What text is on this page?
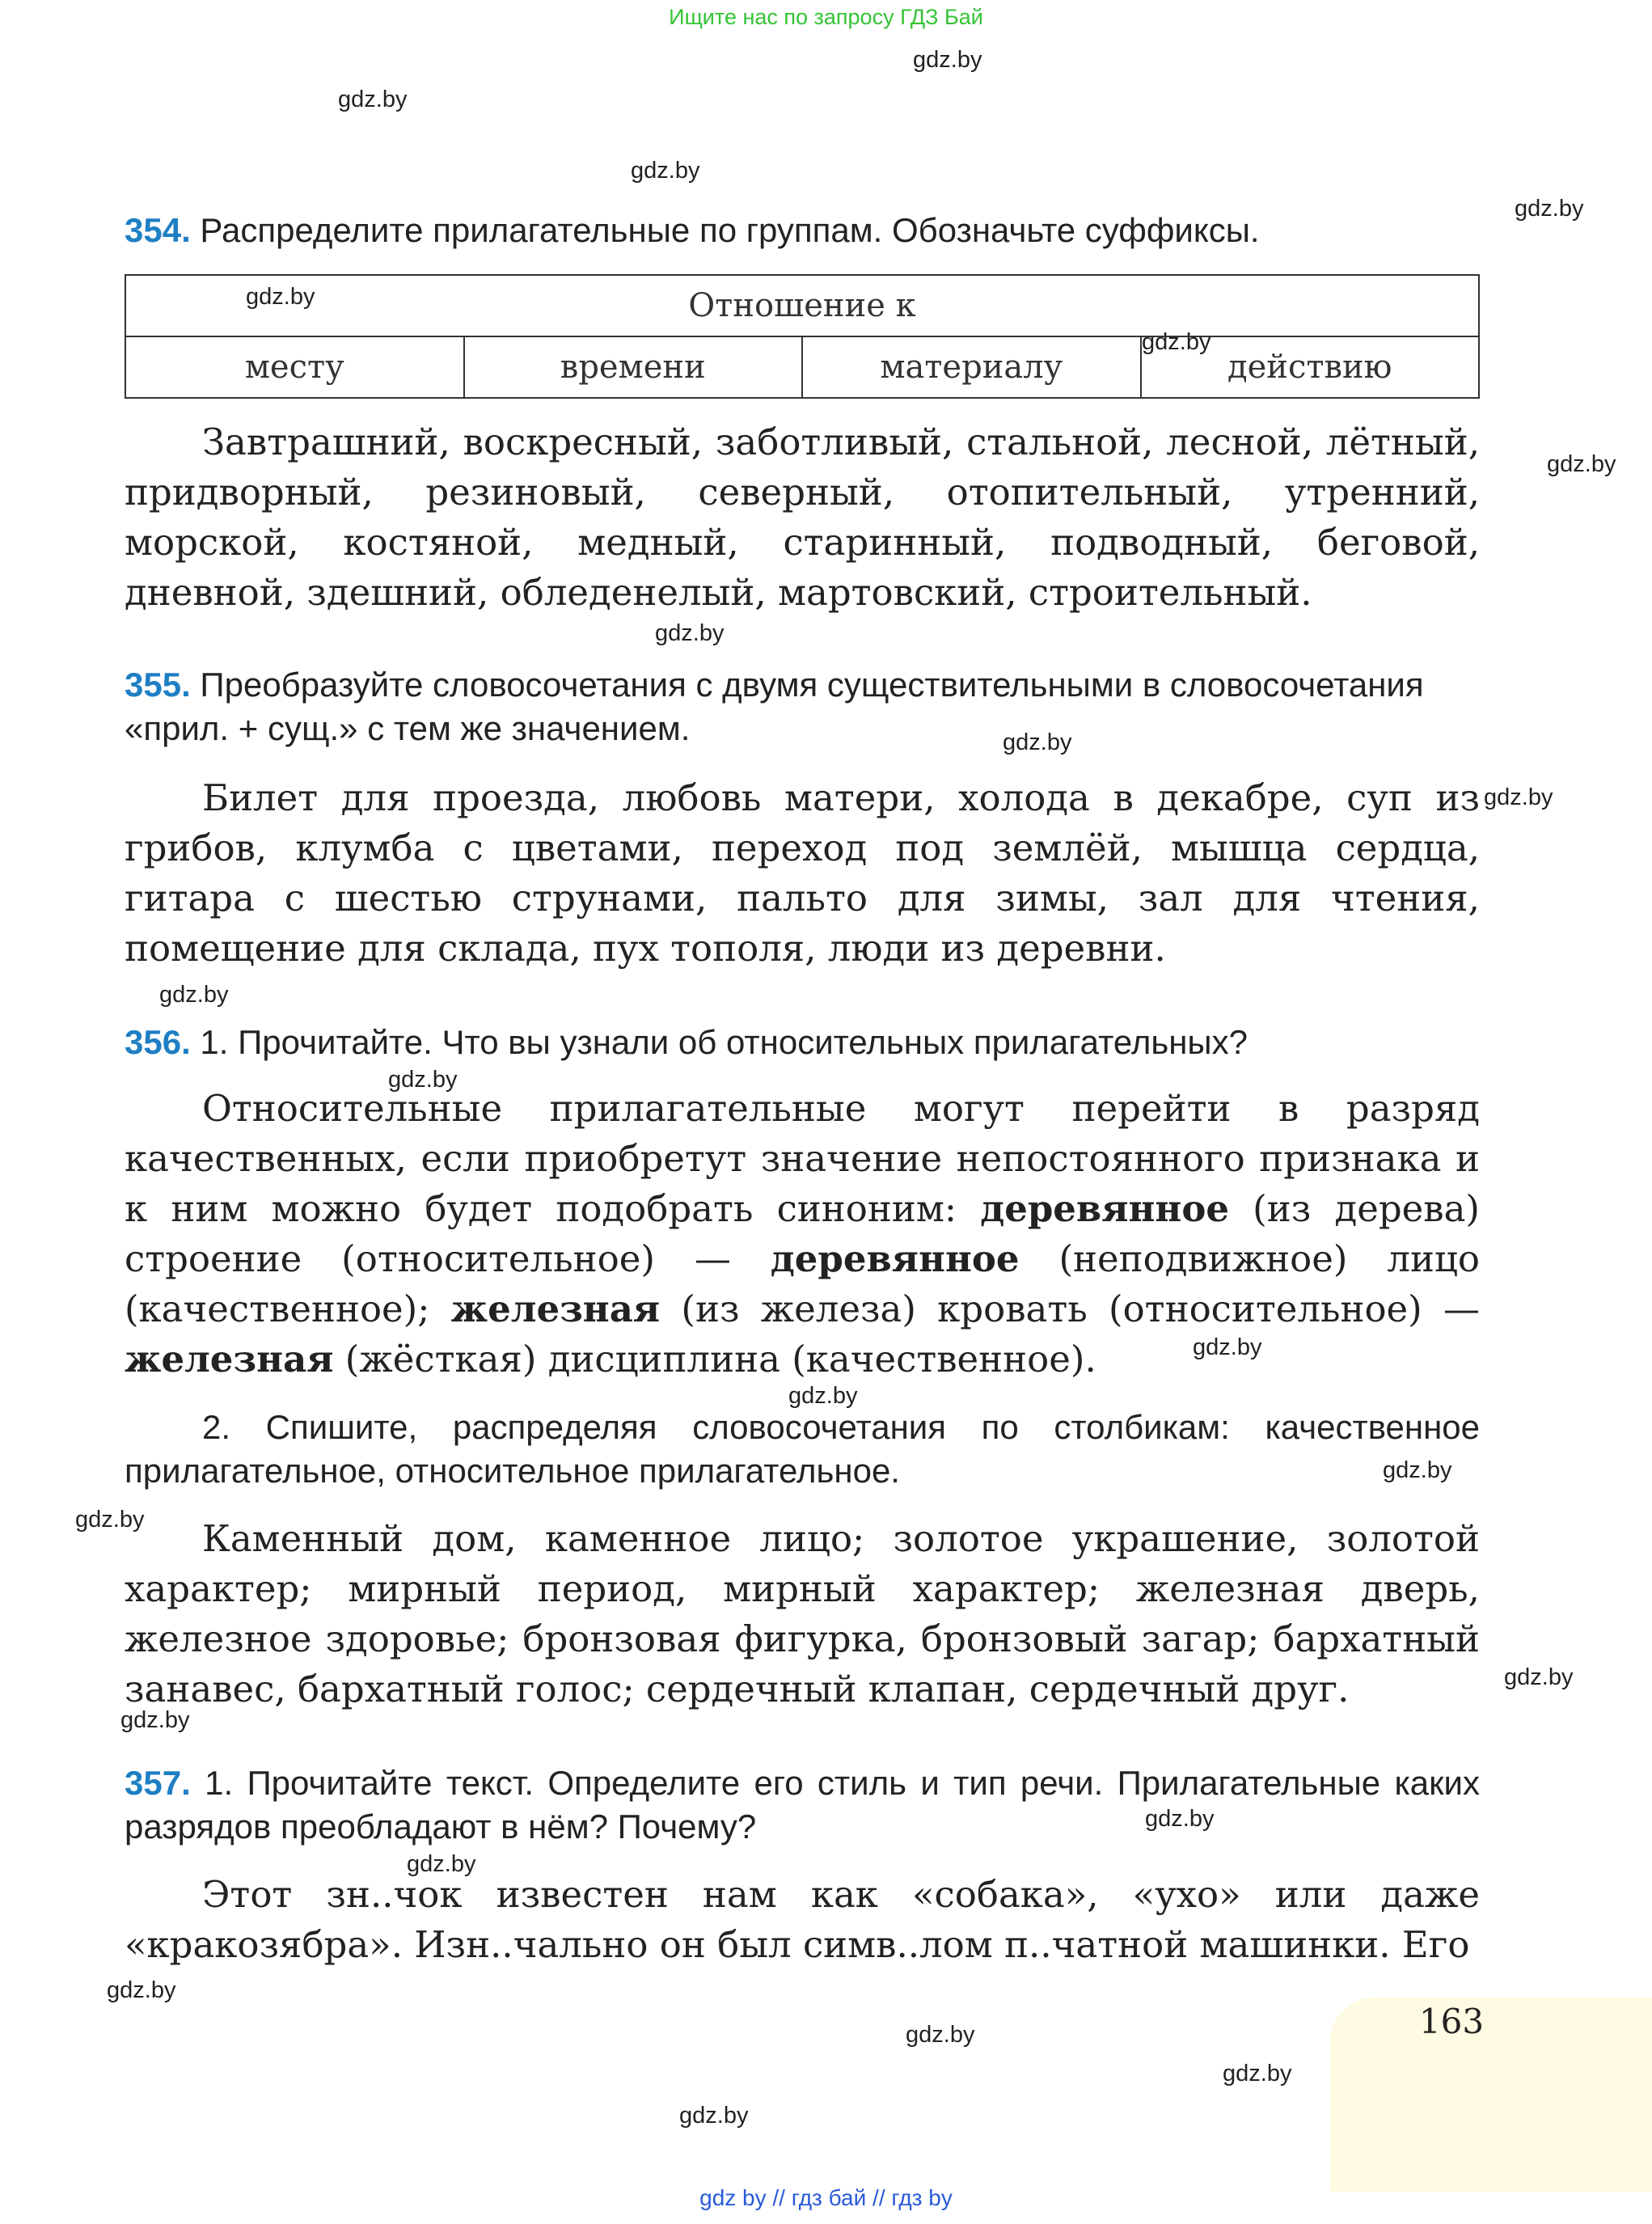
Ищите нас по запросу ГДЗ Бай
gdz.by
gdz.by
gdz.by
gdz.by
gdz.by
gdz.by
gdz.by
gdz.by
gdz.by
gdz.by
gdz.by
gdz.by
gdz.by
gdz.by
gdz.by
gdz.by
gdz.by
gdz.by
gdz.by
gdz.by
gdz.by
gdz.by
gdz.by
gdz.by
354. Распределите прилагательные по группам. Обозначьте суффиксы.
Отношение к
месту	времени	материалу	действию
Завтрашний, воскресный, заботливый, стальной, лесной, лётный, придворный, резиновый, северный, отопительный, утренний, морской, костяной, медный, старинный, подводный, беговой, дневной, здешний, обледенелый, мартовский, строительный.
355. Преобразуйте словосочетания с двумя существительными в словосочетания «прил. + сущ.» с тем же значением.
Билет для проезда, любовь матери, холода в декабре, суп из грибов, клумба с цветами, переход под землёй, мышца сердца, гитара с шестью струнами, пальто для зимы, зал для чтения, помещение для склада, пух тополя, люди из деревни.
356. 1. Прочитайте. Что вы узнали об относительных прилагательных?
Относительные прилагательные могут перейти в разряд качественных, если приобретут значение непостоянного признака и к ним можно будет подобрать синоним: деревянное (из дерева) строение (относительное) — деревянное (неподвижное) лицо (качественное); железная (из железа) кровать (относительное) — железная (жёсткая) дисциплина (качественное).
2. Спишите, распределяя словосочетания по столбикам: качественное прилагательное, относительное прилагательное.
Каменный дом, каменное лицо; золотое украшение, золотой характер; мирный период, мирный характер; железная дверь, железное здоровье; бронзовая фигурка, бронзовый загар; бархатный занавес, бархатный голос; сердечный клапан, сердечный друг.
357. 1. Прочитайте текст. Определите его стиль и тип речи. Прилагательные каких разрядов преобладают в нём? Почему?
Этот зн..чок известен нам как «собака», «ухо» или даже «кракозябра». Изн..чально он был симв..лом п..чатной машинки. Его
163
gdz by // гдз бай // гдз by
